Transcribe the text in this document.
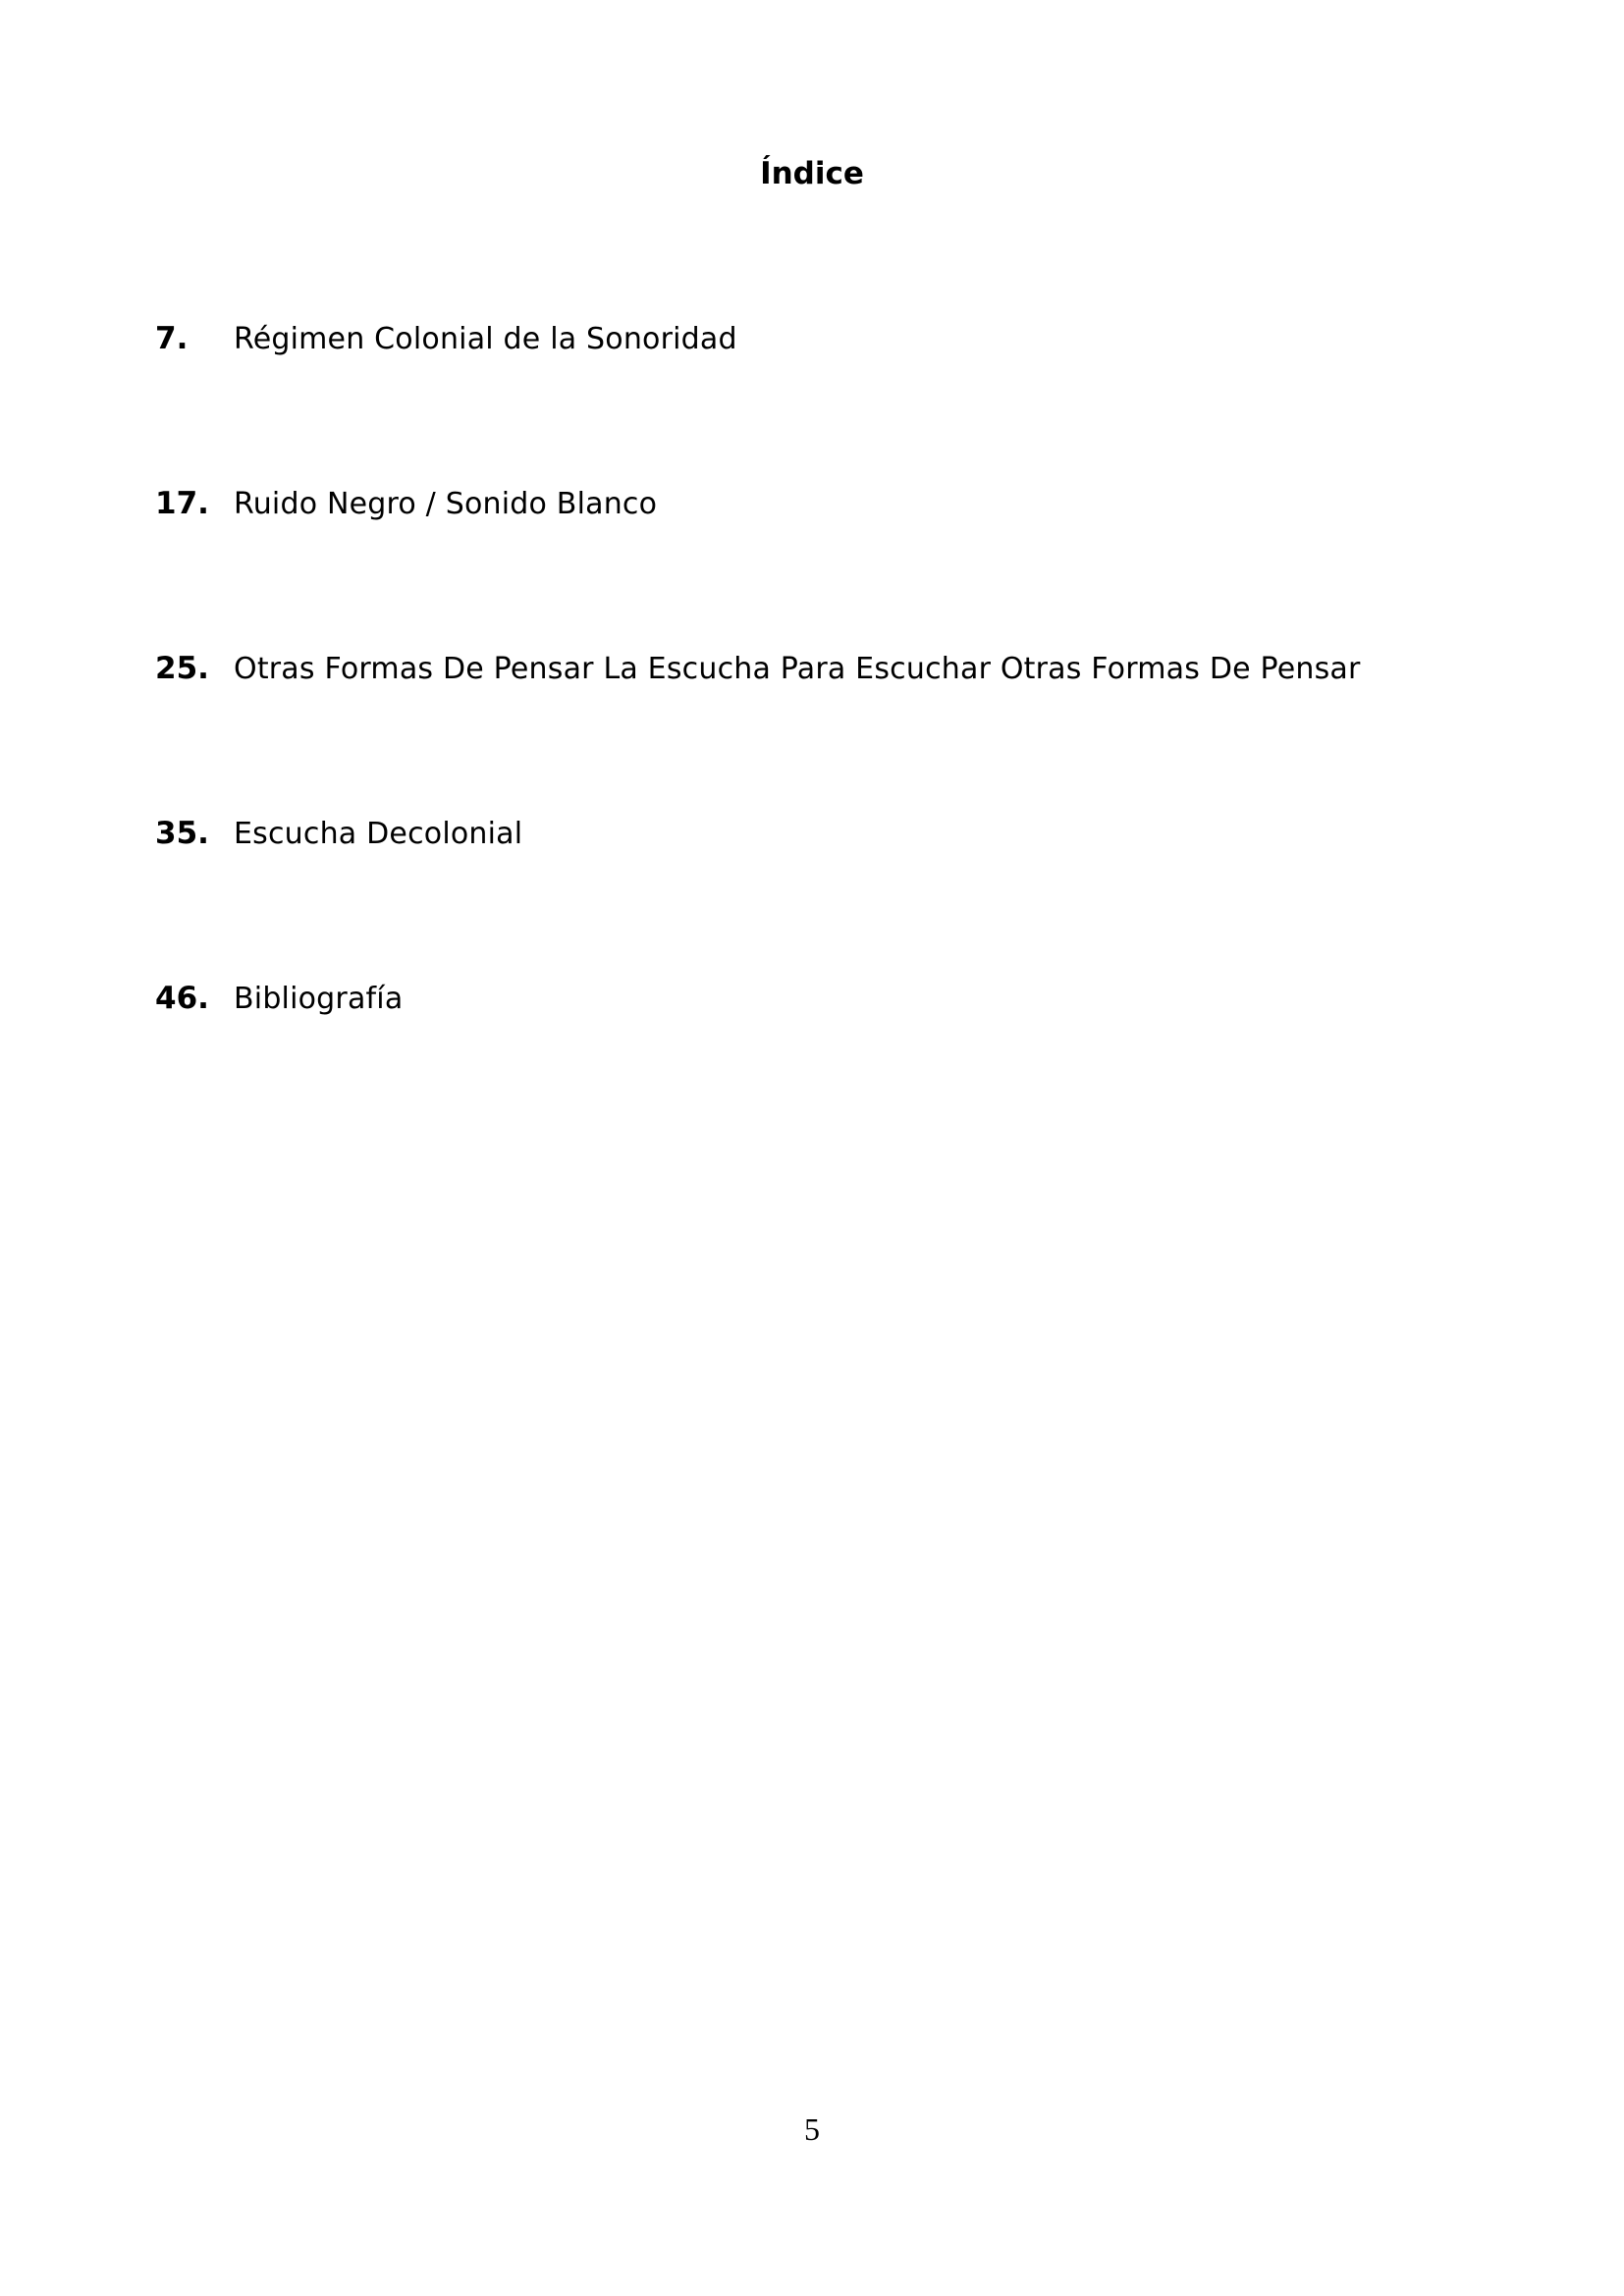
Índice
7.	Régimen Colonial de la Sonoridad
17. Ruido Negro / Sonido Blanco
25. Otras Formas De Pensar La Escucha Para Escuchar Otras Formas De Pensar
35. Escucha Decolonial
46. Bibliografía
5
